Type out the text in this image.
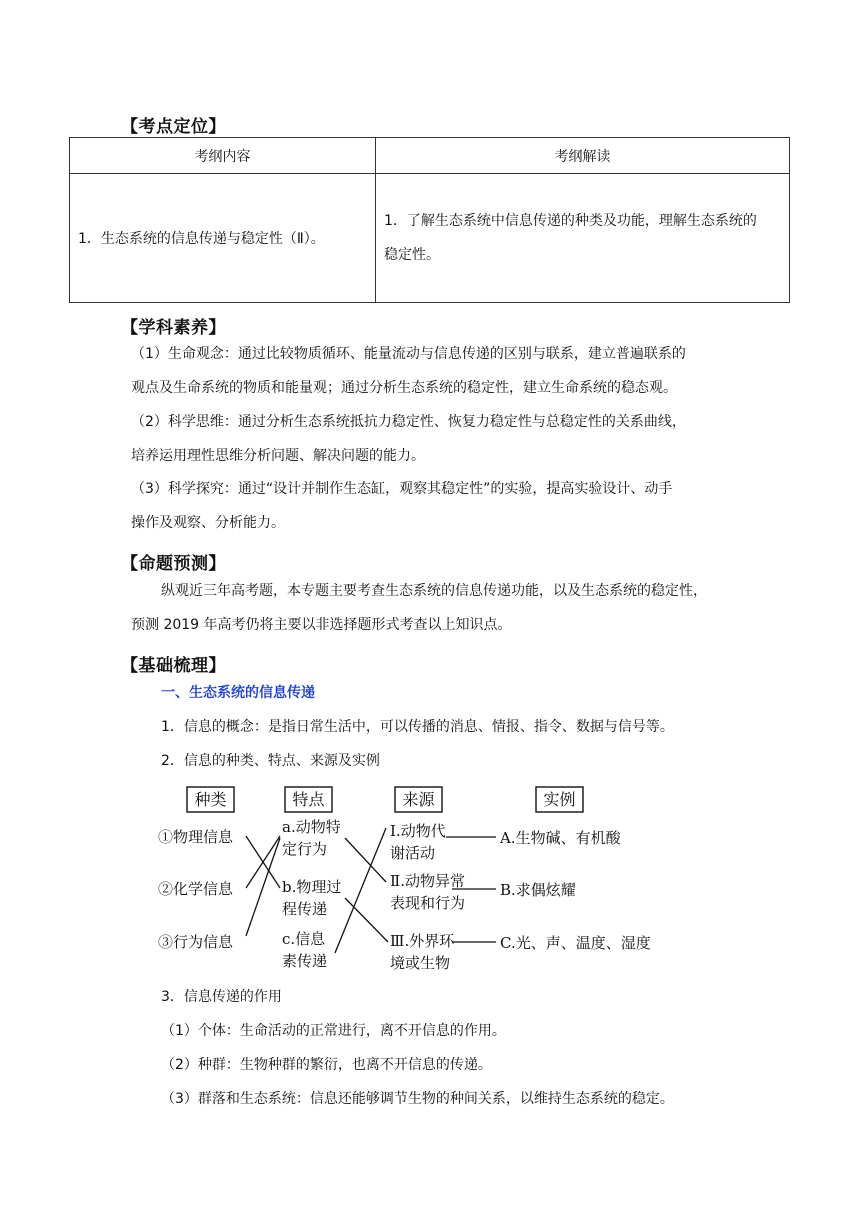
【考点定位】
考纲内容	考纲解读
1．生态系统的信息传递与稳定性（Ⅱ）。	1．了解生态系统中信息传递的种类及功能，理解生态系统的
稳定性。
【学科素养】
（1）生命观念：通过比较物质循环、能量流动与信息传递的区别与联系，建立普遍联系的
观点及生命系统的物质和能量观；通过分析生态系统的稳定性，建立生命系统的稳态观。
（2）科学思维：通过分析生态系统抵抗力稳定性、恢复力稳定性与总稳定性的关系曲线，
培养运用理性思维分析问题、解决问题的能力。
（3）科学探究：通过“设计并制作生态缸，观察其稳定性”的实验，提高实验设计、动手
操作及观察、分析能力。
【命题预测】
纵观近三年高考题，本专题主要考查生态系统的信息传递功能，以及生态系统的稳定性，
预测 2019 年高考仍将主要以非选择题形式考查以上知识点。
【基础梳理】
一、生态系统的信息传递
1．信息的概念：是指日常生活中，可以传播的消息、情报、指令、数据与信号等。
2．信息的种类、特点、来源及实例
种类	特点	来源	实例
①物理信息
②化学信息
③行为信息
a.动物特
定行为
b.物理过
程传递
c.信息
素传递
Ⅰ.动物代
谢活动
Ⅱ.动物异常
表现和行为
Ⅲ.外界环
境或生物
A.生物碱、有机酸
B.求偶炫耀
C.光、声、温度、湿度
3．信息传递的作用
（1）个体：生命活动的正常进行，离不开信息的作用。
（2）种群：生物种群的繁衍，也离不开信息的传递。
（3）群落和生态系统：信息还能够调节生物的种间关系，以维持生态系统的稳定。
